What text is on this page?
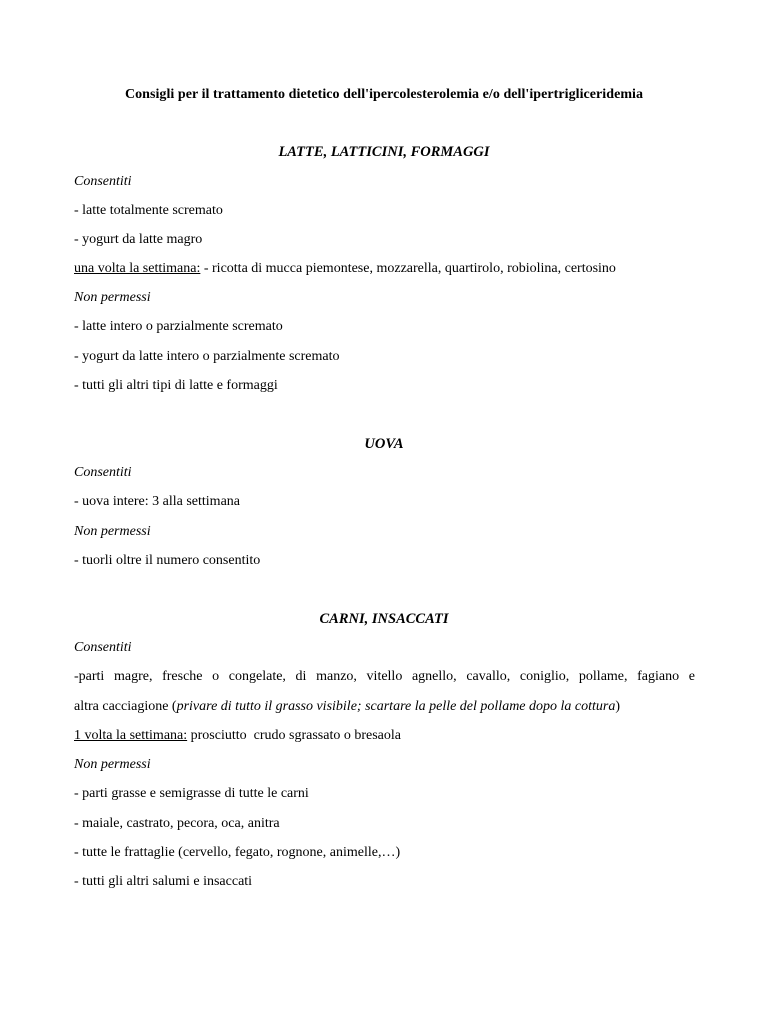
Consigli per il trattamento dietetico dell'ipercolesterolemia e/o dell'ipertrigliceridemia
LATTE, LATTICINI, FORMAGGI
Consentiti
- latte totalmente scremato
- yogurt da latte magro
una volta la settimana: - ricotta di mucca piemontese, mozzarella, quartirolo, robiolina, certosino
Non permessi
- latte intero o parzialmente scremato
- yogurt da latte intero o parzialmente scremato
- tutti gli altri tipi di latte e formaggi
UOVA
Consentiti
- uova intere: 3 alla settimana
Non permessi
- tuorli oltre il numero consentito
CARNI, INSACCATI
Consentiti
-parti magre, fresche o congelate, di manzo, vitello agnello, cavallo, coniglio, pollame, fagiano e
altra cacciagione (privare di tutto il grasso visibile; scartare la pelle del pollame dopo la cottura)
1 volta la settimana: prosciutto  crudo sgrassato o bresaola
Non permessi
- parti grasse e semigrasse di tutte le carni
- maiale, castrato, pecora, oca, anitra
- tutte le frattaglie (cervello, fegato, rognone, animelle,…)
- tutti gli altri salumi e insaccati
